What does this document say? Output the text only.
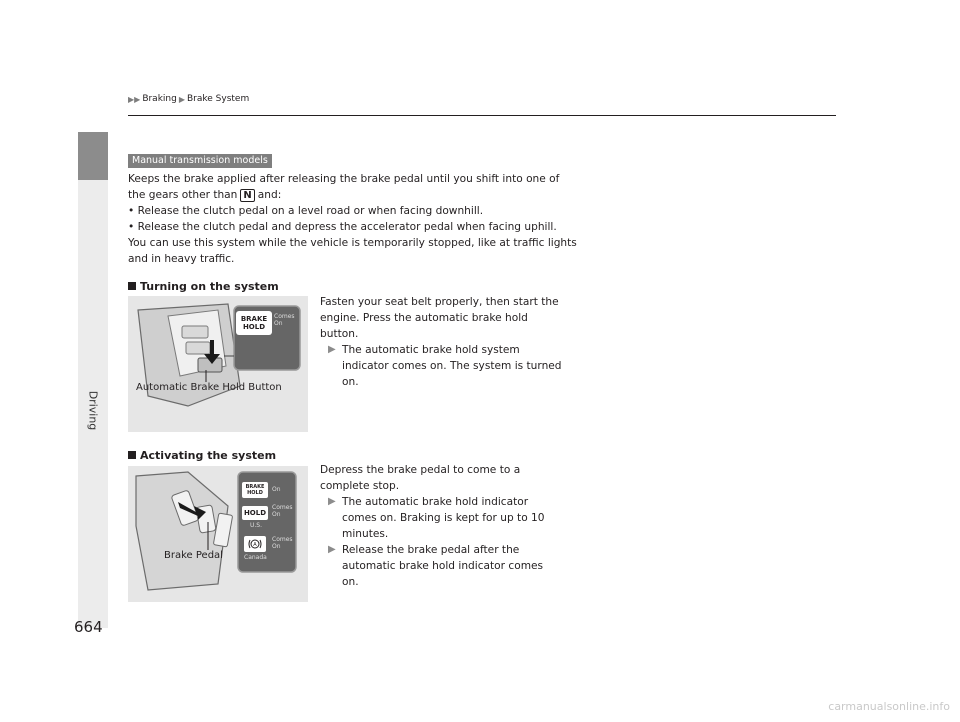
Driving
▶▶ Braking ▶ Brake System
Manual transmission models
Keeps the brake applied after releasing the brake pedal until you shift into one of
the gears other than N and:
• Release the clutch pedal on a level road or when facing downhill.
• Release the clutch pedal and depress the accelerator pedal when facing uphill.
You can use this system while the vehicle is temporarily stopped, like at traffic lights
and in heavy traffic.
Turning on the system
BRAKE
HOLD
Comes
On
Automatic Brake Hold Button
Fasten your seat belt properly, then start the
engine. Press the automatic brake hold
button.
▶ The automatic brake hold system
indicator comes on. The system is turned
on.
Activating the system
BRAKE
HOLD On
HOLD
Comes
On
U.S.
A
Comes
On
Canada
Brake Pedal
Depress the brake pedal to come to a
complete stop.
▶ The automatic brake hold indicator
comes on. Braking is kept for up to 10
minutes.
▶ Release the brake pedal after the
automatic brake hold indicator comes
on.
664
carmanualsonline.info
